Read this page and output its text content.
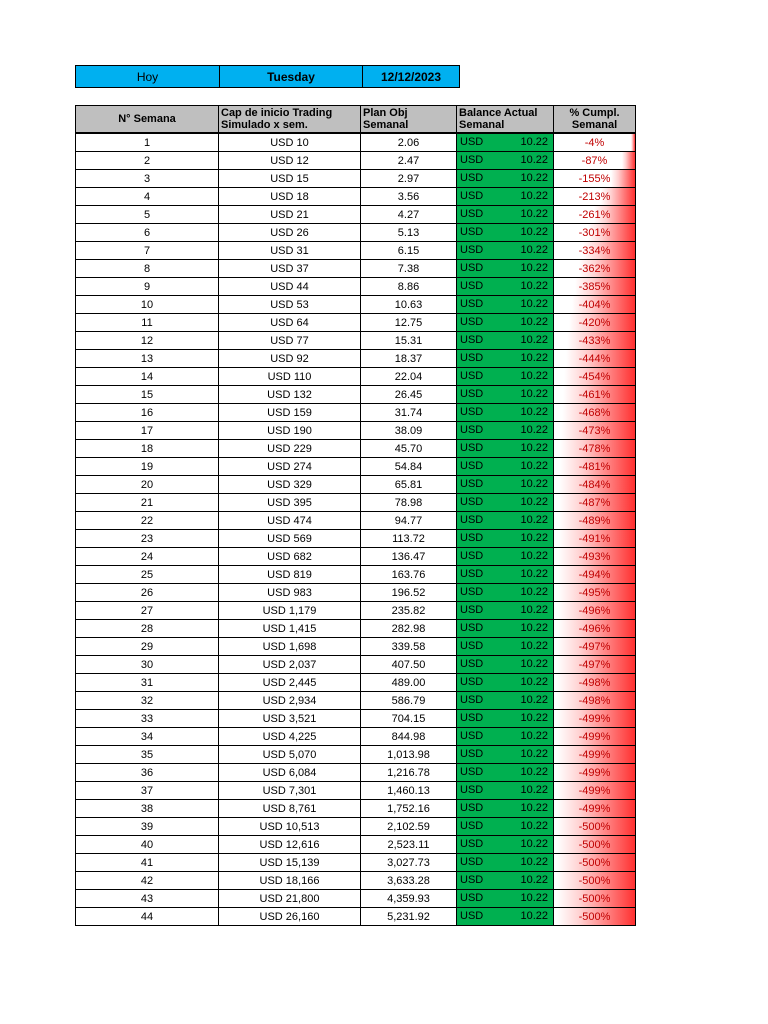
Hoy	Tuesday	12/12/2023
N° Semana	Cap de inicio Trading Simulado x sem.	Plan Obj Semanal	Balance Actual Semanal	% Cumpl. Semanal
1	USD 10	2.06	USD 10.22	-4%
2	USD 12	2.47	USD 10.22	-87%
3	USD 15	2.97	USD 10.22	-155%
4	USD 18	3.56	USD 10.22	-213%
5	USD 21	4.27	USD 10.22	-261%
6	USD 26	5.13	USD 10.22	-301%
7	USD 31	6.15	USD 10.22	-334%
8	USD 37	7.38	USD 10.22	-362%
9	USD 44	8.86	USD 10.22	-385%
10	USD 53	10.63	USD 10.22	-404%
11	USD 64	12.75	USD 10.22	-420%
12	USD 77	15.31	USD 10.22	-433%
13	USD 92	18.37	USD 10.22	-444%
14	USD 110	22.04	USD 10.22	-454%
15	USD 132	26.45	USD 10.22	-461%
16	USD 159	31.74	USD 10.22	-468%
17	USD 190	38.09	USD 10.22	-473%
18	USD 229	45.70	USD 10.22	-478%
19	USD 274	54.84	USD 10.22	-481%
20	USD 329	65.81	USD 10.22	-484%
21	USD 395	78.98	USD 10.22	-487%
22	USD 474	94.77	USD 10.22	-489%
23	USD 569	113.72	USD 10.22	-491%
24	USD 682	136.47	USD 10.22	-493%
25	USD 819	163.76	USD 10.22	-494%
26	USD 983	196.52	USD 10.22	-495%
27	USD 1,179	235.82	USD 10.22	-496%
28	USD 1,415	282.98	USD 10.22	-496%
29	USD 1,698	339.58	USD 10.22	-497%
30	USD 2,037	407.50	USD 10.22	-497%
31	USD 2,445	489.00	USD 10.22	-498%
32	USD 2,934	586.79	USD 10.22	-498%
33	USD 3,521	704.15	USD 10.22	-499%
34	USD 4,225	844.98	USD 10.22	-499%
35	USD 5,070	1,013.98	USD 10.22	-499%
36	USD 6,084	1,216.78	USD 10.22	-499%
37	USD 7,301	1,460.13	USD 10.22	-499%
38	USD 8,761	1,752.16	USD 10.22	-499%
39	USD 10,513	2,102.59	USD 10.22	-500%
40	USD 12,616	2,523.11	USD 10.22	-500%
41	USD 15,139	3,027.73	USD 10.22	-500%
42	USD 18,166	3,633.28	USD 10.22	-500%
43	USD 21,800	4,359.93	USD 10.22	-500%
44	USD 26,160	5,231.92	USD 10.22	-500%
